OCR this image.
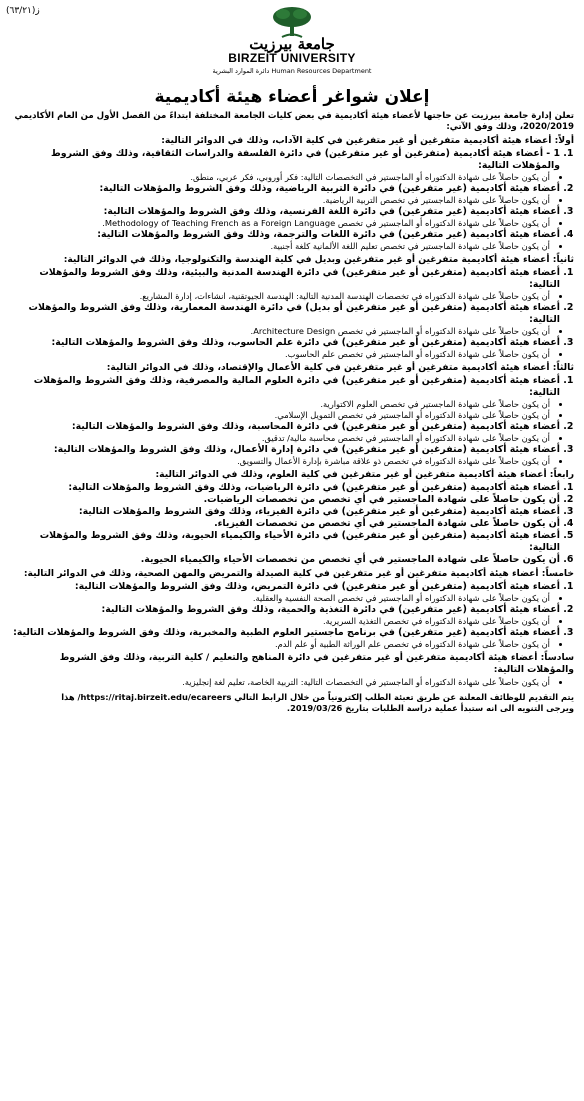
(٦٣/٢١)ز
جامعة بيرزيت
BIRZEIT UNIVERSITY
دائرة الموارد البشرية Human Resources Department
إعلان شواغر أعضاء هيئة أكاديمية

تعلن إدارة جامعة بيرزيت عن حاجتها لأعضاء هيئة أكاديمية في بعض كليات الجامعة المختلفة ابتداءً من الفصل الأول من العام الأكاديمي 2020/2019، وذلك وفق الآتي:

أولاً: أعضاء هيئة أكاديمية متفرغين أو غير متفرغين في كلية الآداب، وذلك في الدوائر التالية:
1. 1 - أعضاء هيئة أكاديمية (متفرغين أو غير متفرغين) في دائرة الفلسفة والدراسات الثقافية، وذلك وفق الشروط والمؤهلات التالية:
• أن يكون حاصلاً على شهادة الدكتوراه أو الماجستير في التخصصات التالية: فكر أوروبي، فكر عربي، منطق.
2. أعضاء هيئة أكاديمية (غير متفرغين) في دائرة التربية الرياضية، وذلك وفق الشروط والمؤهلات التالية:
• أن يكون حاصلاً على شهادة الماجستير في تخصص التربية الرياضية.
3. أعضاء هيئة أكاديمية (غير متفرغين) في دائرة اللغة الفرنسية، وذلك وفق الشروط والمؤهلات التالية:
• أن يكون حاصلاً على شهادة الدكتوراه أو الماجستير في تخصص Methodology of Teaching French as a Foreign Language.
4. أعضاء هيئة أكاديمية (غير متفرغين) في دائرة اللغات والترجمة، وذلك وفق الشروط والمؤهلات التالية:
• أن يكون حاصلاً على شهادة الماجستير في تخصص تعليم اللغة الألمانية كلغة أجنبية.
ثانياً: أعضاء هيئة أكاديمية متفرغين أو غير متفرغين وبديل في كلية الهندسة والتكنولوجيا، وذلك في الدوائر التالية:
1. أعضاء هيئة أكاديمية (متفرغين أو غير متفرغين) في دائرة الهندسة المدنية والبيئية، وذلك وفق الشروط والمؤهلات التالية:
• أن يكون حاصلاً على شهادة الدكتوراه في تخصصات الهندسة المدنية التالية: الهندسة الجيوتقنية، انشاءات، إدارة المشاريع.
2. أعضاء هيئة أكاديمية (متفرغين أو غير متفرغين أو بديل) في دائرة الهندسة المعمارية، وذلك وفق الشروط والمؤهلات التالية:
• أن يكون حاصلاً على شهادة الدكتوراه أو الماجستير في تخصص Architecture Design.
3. أعضاء هيئة أكاديمية (متفرغين أو غير متفرغين) في دائرة علم الحاسوب، وذلك وفق الشروط والمؤهلات التالية:
• أن يكون حاصلاً على شهادة الدكتوراه أو الماجستير في تخصص علم الحاسوب.
ثالثاً: أعضاء هيئة أكاديمية متفرغين أو غير متفرغين في كلية الأعمال والإقتصاد، وذلك في الدوائر التالية:
1. أعضاء هيئة أكاديمية (متفرغين أو غير متفرغين) في دائرة العلوم المالية والمصرفية، وذلك وفق الشروط والمؤهلات التالية:
• أن يكون حاصلاً على شهادة الماجستير في تخصص العلوم الاكتوارية.
• أن يكون حاصلاً على شهادة الدكتوراه أو الماجستير في تخصص التمويل الإسلامي.
2. أعضاء هيئة أكاديمية (متفرغين أو غير متفرغين) في دائرة المحاسبة، وذلك وفق الشروط والمؤهلات التالية:
• أن يكون حاصلاً على شهادة الدكتوراه أو الماجستير في تخصص محاسبة مالية/ تدقيق.
3. أعضاء هيئة أكاديمية (متفرغين أو غير متفرغين) في دائرة إدارة الأعمال، وذلك وفق الشروط والمؤهلات التالية:
• أن يكون حاصلاً على شهادة الدكتوراه في تخصص ذو علاقة مباشرة بإدارة الأعمال والتسويق.
رابعاً: أعضاء هيئة أكاديمية متفرغين أو غير متفرغين في كلية العلوم، وذلك في الدوائر التالية:
1. أعضاء هيئة أكاديمية (متفرغين أو غير متفرغين) في دائرة الرياضيات، وذلك وفق الشروط والمؤهلات التالية:
2. أن يكون حاصلاً على شهادة الماجستير في أي تخصص من تخصصات الرياضيات.
3. أعضاء هيئة أكاديمية (متفرغين أو غير متفرغين) في دائرة الفيزياء، وذلك وفق الشروط والمؤهلات التالية:
4. أن يكون حاصلاً على شهادة الماجستير في أي تخصص من تخصصات الفيزياء.
5. أعضاء هيئة أكاديمية (متفرغين أو غير متفرغين) في دائرة الأحياء والكيمياء الحيوية، وذلك وفق الشروط والمؤهلات التالية:
6. أن يكون حاصلاً على شهادة الماجستير في أي تخصص من تخصصات الأحياء والكيمياء الحيوية.
خامساً: أعضاء هيئة أكاديمية متفرغين أو غير متفرغين في كلية الصيدلة والتمريض والمهن الصحية، وذلك في الدوائر التالية:
1. أعضاء هيئة أكاديمية (متفرغين أو غير متفرغين) في دائرة التمريض، وذلك وفق الشروط والمؤهلات التالية:
• أن يكون حاصلاً على شهادة الدكتوراه أو الماجستير في تخصص الصحة النفسية والعقلية.
2. أعضاء هيئة أكاديمية (غير متفرغين) في دائرة التغذية والحمية، وذلك وفق الشروط والمؤهلات التالية:
• أن يكون حاصلاً على شهادة الدكتوراه في تخصص التغذية السريرية.
3. أعضاء هيئة أكاديمية (غير متفرغين) في برنامج ماجستير العلوم الطبية والمخبرية، وذلك وفق الشروط والمؤهلات التالية:
• أن يكون حاصلاً على شهادة الدكتوراه في تخصص علم الوراثة الطبية أو علم الدم.
سادساً: أعضاء هيئة أكاديمية متفرغين أو غير متفرغين في دائرة المناهج والتعليم / كلية التربية، وذلك وفق الشروط والمؤهلات التالية:
• أن يكون حاصلاً على شهادة الدكتوراه أو الماجستير في التخصصات التالية: التربية الخاصة، تعليم لغة إنجليزية.
يتم التقديم للوظائف المعلنة عن طريق تعبئة الطلب إلكترونياً من خلال الرابط التالي https://ritaj.birzeit.edu/ecareers/ هذا
ويرجى التنويه الى انه ستبدأ عملية دراسة الطلبات بتاريخ 2019/03/26.
